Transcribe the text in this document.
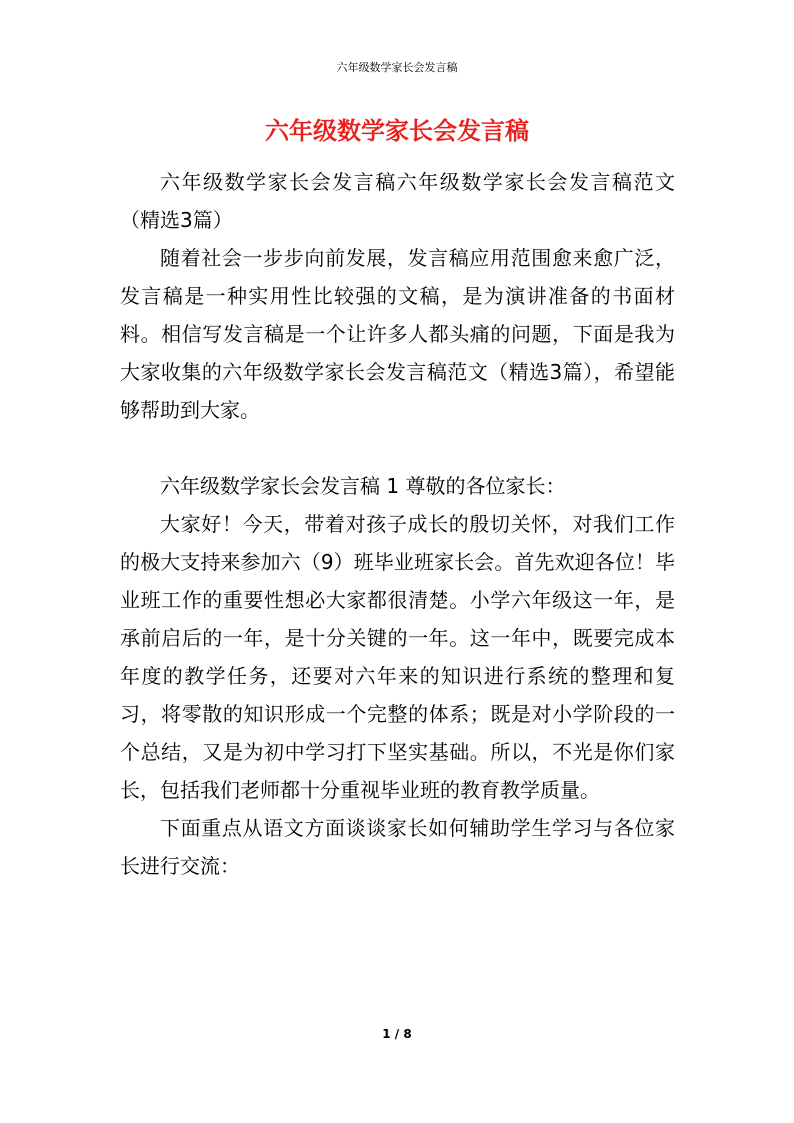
六年级数学家长会发言稿
六年级数学家长会发言稿

六年级数学家长会发言稿六年级数学家长会发言稿范文（精选3篇）

随着社会一步步向前发展，发言稿应用范围愈来愈广泛，发言稿是一种实用性比较强的文稿，是为演讲准备的书面材料。相信写发言稿是一个让许多人都头痛的问题，下面是我为大家收集的六年级数学家长会发言稿范文（精选3篇），希望能够帮助到大家。

六年级数学家长会发言稿 1 尊敬的各位家长：

大家好！今天，带着对孩子成长的殷切关怀，对我们工作的极大支持来参加六（9）班毕业班家长会。首先欢迎各位！毕业班工作的重要性想必大家都很清楚。小学六年级这一年，是承前启后的一年，是十分关键的一年。这一年中，既要完成本年度的教学任务，还要对六年来的知识进行系统的整理和复习，将零散的知识形成一个完整的体系；既是对小学阶段的一个总结，又是为初中学习打下坚实基础。所以，不光是你们家长，包括我们老师都十分重视毕业班的教育教学质量。

下面重点从语文方面谈谈家长如何辅助学生学习与各位家长进行交流：

1 / 8
